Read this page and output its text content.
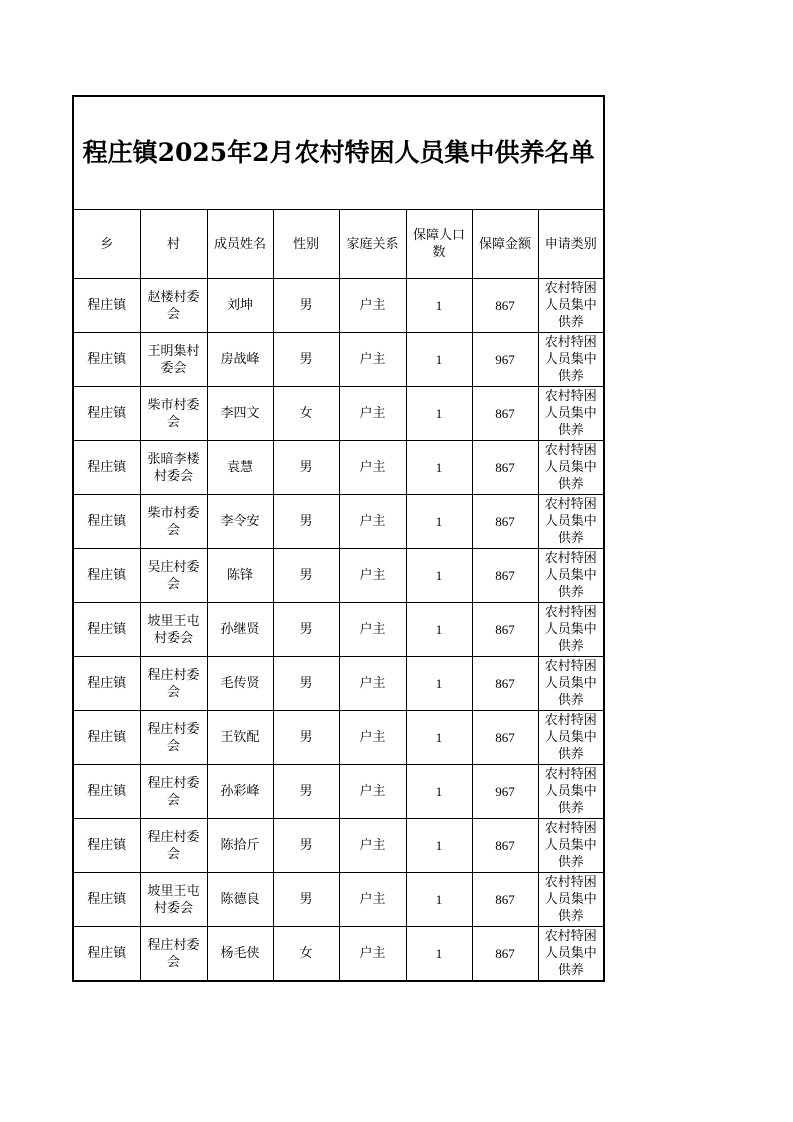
程庄镇2025年2月农村特困人员集中供养名单							

乡	村	成员姓名	性别	家庭关系	保障人口数	保障金额	申请类别

程庄镇	赵楼村委会	刘坤	男	户主	1	867	农村特困人员集中供养

程庄镇	王明集村委会	房战峰	男	户主	1	967	农村特困人员集中供养

程庄镇	柴市村委会	李四文	女	户主	1	867	农村特困人员集中供养

程庄镇	张暗李楼村委会	袁慧	男	户主	1	867	农村特困人员集中供养

程庄镇	柴市村委会	李令安	男	户主	1	867	农村特困人员集中供养

程庄镇	吴庄村委会	陈锋	男	户主	1	867	农村特困人员集中供养

程庄镇	坡里王屯村委会	孙继贤	男	户主	1	867	农村特困人员集中供养

程庄镇	程庄村委会	毛传贤	男	户主	1	867	农村特困人员集中供养

程庄镇	程庄村委会	王钦配	男	户主	1	867	农村特困人员集中供养

程庄镇	程庄村委会	孙彩峰	男	户主	1	967	农村特困人员集中供养

程庄镇	程庄村委会	陈拾斤	男	户主	1	867	农村特困人员集中供养

程庄镇	坡里王屯村委会	陈德良	男	户主	1	867	农村特困人员集中供养

程庄镇	程庄村委会	杨毛侠	女	户主	1	867	农村特困人员集中供养
